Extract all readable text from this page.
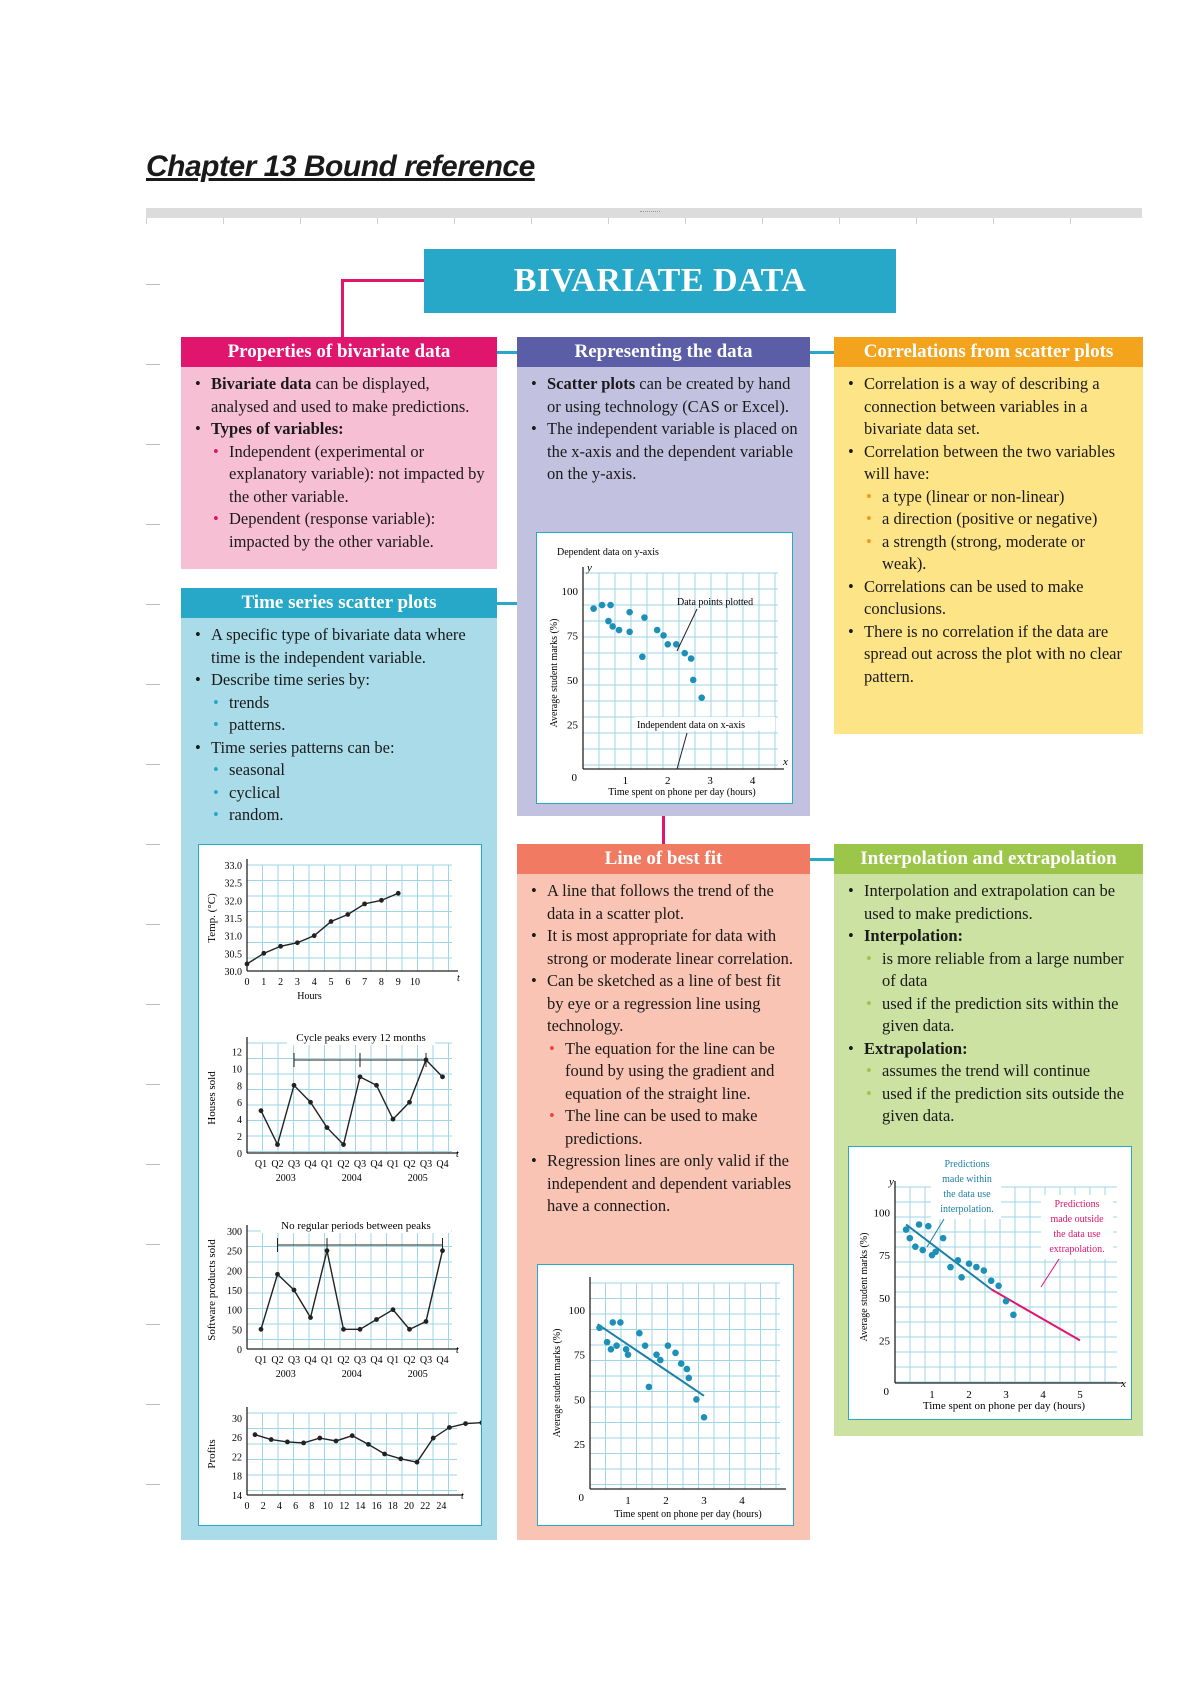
Chapter 13 Bound reference
BIVARIATE DATA
Properties of bivariate data
• Bivariate data can be displayed, analysed and used to make predictions.
• Types of variables:
• Independent (experimental or explanatory variable): not impacted by the other variable.
• Dependent (response variable): impacted by the other variable.
Representing the data
• Scatter plots can be created by hand or using technology (CAS or Excel).
• The independent variable is placed on the x-axis and the dependent variable on the y-axis.
25
50
75
100
1	2	3	4
0
Dependent data on y-axis
Data points plotted
Independent data on x-axis
y
x
Time spent on phone per day (hours)
Average student marks (%)
Correlations from scatter plots
• Correlation is a way of describing a connection between variables in a bivariate data set.
• Correlation between the two variables will have:
• a type (linear or non-linear)
• a direction (positive or negative)
• a strength (strong, moderate or weak).
• Correlations can be used to make conclusions.
• There is no correlation if the data are spread out across the plot with no clear pattern.
Time series scatter plots
• A specific type of bivariate data where time is the independent variable.
• Describe time series by:
• trends
• patterns.
• Time series patterns can be:
• seasonal
• cyclical
• random.
30.0
30.5
31.0
31.5
32.0
32.5
33.0
0 1 2 3 4 5 6 7 8 9 10	t
Hours
Temp. (°C)
0
2
4
6
8
10
12
Q1 Q2 Q3 Q4 Q1 Q2 Q3 Q4 Q1 Q2 Q3 Q4
2003	2004	2005
Houses sold
Cycle peaks every 12 months
0
50
100
150
200
250
300
Q1 Q2 Q3 Q4 Q1 Q2 Q3 Q4 Q1 Q2 Q3 Q4
2003	2004	2005
Software products sold
No regular periods between peaks
t
t
14
18
22
26
30
0 2 4 6 8 10 12 14 16 18 20 22 24
t
Profits
Line of best fit
• A line that follows the trend of the data in a scatter plot.
• It is most appropriate for data with strong or moderate linear correlation.
• Can be sketched as a line of best fit by eye or a regression line using technology.
• The equation for the line can be found by using the gradient and equation of the straight line.
• The line can be used to make predictions.
• Regression lines are only valid if the independent and dependent variables have a connection.
25
50
75
100
1	2	3	4
0
Time spent on phone per day (hours)
Average student marks (%)
Interpolation and extrapolation
• Interpolation and extrapolation can be used to make predictions.
• Interpolation:
• is more reliable from a large number of data
• used if the prediction sits within the given data.
• Extrapolation:
• assumes the trend will continue
• used if the prediction sits outside the given data.
25
50
75
100
1	2	3	4	5
0
Predictions
made within
the data use
interpolation.	Predictions
made outside
the data use
extrapolation.
y
x
Time spent on phone per day (hours)
Average student marks (%)
